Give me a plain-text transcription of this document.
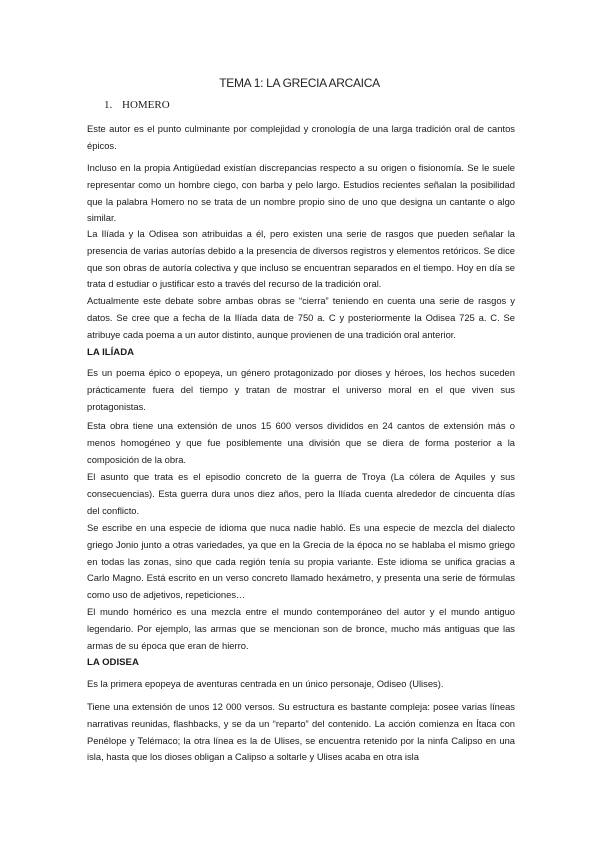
TEMA 1: LA GRECIA ARCAICA
1. HOMERO

Este autor es el punto culminante por complejidad y cronología de una larga tradición oral de cantos épicos.

Incluso en la propia Antigüedad existían discrepancias respecto a su origen o fisionomía. Se le suele representar como un hombre ciego, con barba y pelo largo. Estudios recientes señalan la posibilidad que la palabra Homero no se trata de un nombre propio sino de uno que designa un cantante o algo similar.

La Ilíada y la Odisea son atribuidas a él, pero existen una serie de rasgos que pueden señalar la presencia de varias autorías debido a la presencia de diversos registros y elementos retóricos. Se dice que son obras de autoría colectiva y que incluso se encuentran separados en el tiempo. Hoy en día se trata d estudiar o justificar esto a través del recurso de la tradición oral.

Actualmente este debate sobre ambas obras se “cierra” teniendo en cuenta una serie de rasgos y datos. Se cree que a fecha de la Ilíada data de 750 a. C y posteriormente la Odisea 725 a. C. Se atribuye cada poema a un autor distinto, aunque provienen de una tradición oral anterior.

LA ILÍADA

Es un poema épico o epopeya, un género protagonizado por dioses y héroes, los hechos suceden prácticamente fuera del tiempo y tratan de mostrar el universo moral en el que viven sus protagonistas.

Esta obra tiene una extensión de unos 15 600 versos divididos en 24 cantos de extensión más o menos homogéneo y que fue posiblemente una división que se diera de forma posterior a la composición de la obra.

El asunto que trata es el episodio concreto de la guerra de Troya (La cólera de Aquiles y sus consecuencias). Esta guerra dura unos diez años, pero la Ilíada cuenta alrededor de cincuenta días del conflicto.

Se escribe en una especie de idioma que nuca nadie habló. Es una especie de mezcla del dialecto griego Jonio junto a otras variedades, ya que en la Grecia de la época no se hablaba el mismo griego en todas las zonas, sino que cada región tenía su propia variante. Este idioma se unifica gracias a Carlo Magno. Está escrito en un verso concreto llamado hexámetro, y presenta una serie de fórmulas como uso de adjetivos, repeticiones…

El mundo homérico es una mezcla entre el mundo contemporáneo del autor y el mundo antiguo legendario. Por ejemplo, las armas que se mencionan son de bronce, mucho más antiguas que las armas de su época que eran de hierro.

LA ODISEA

Es la primera epopeya de aventuras centrada en un único personaje, Odiseo (Ulises).

Tiene una extensión de unos 12 000 versos. Su estructura es bastante compleja: posee varias líneas narrativas reunidas, flashbacks, y se da un “reparto” del contenido. La acción comienza en Ítaca con Penélope y Telémaco; la otra línea es la de Ulises, se encuentra retenido por la ninfa Calipso en una isla, hasta que los dioses obligan a Calipso a soltarle y Ulises acaba en otra isla
